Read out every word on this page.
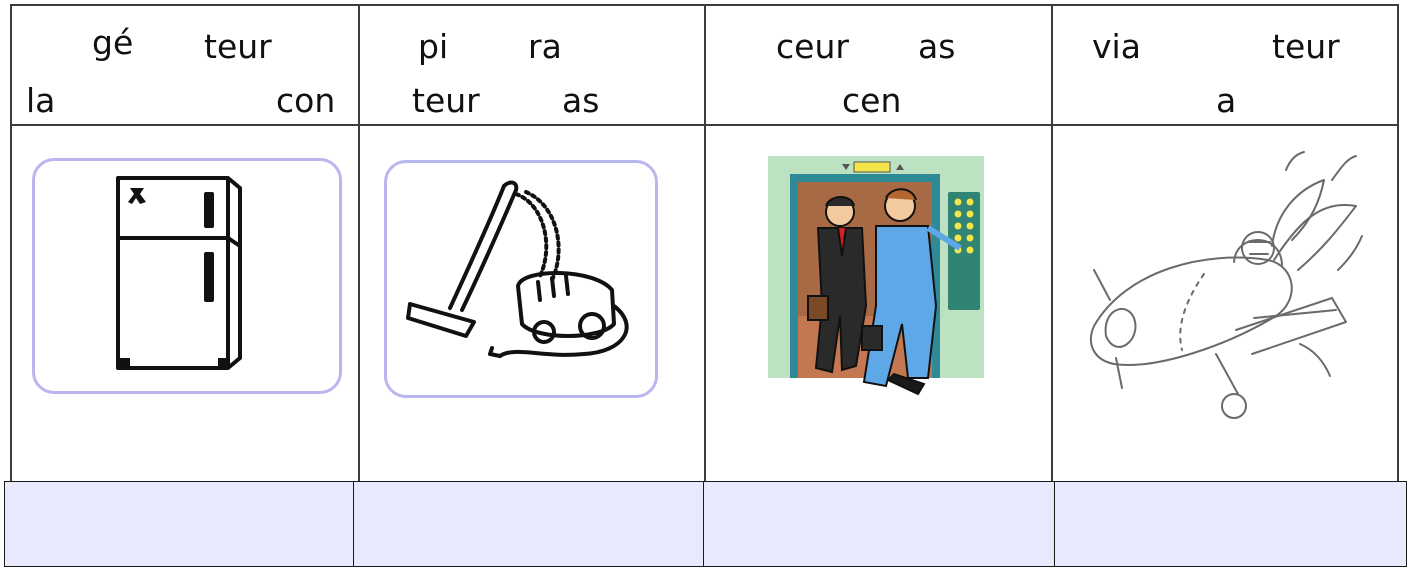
gé teur
la	con
pi ra
teur as
ceur as
cen
via	teur
a
